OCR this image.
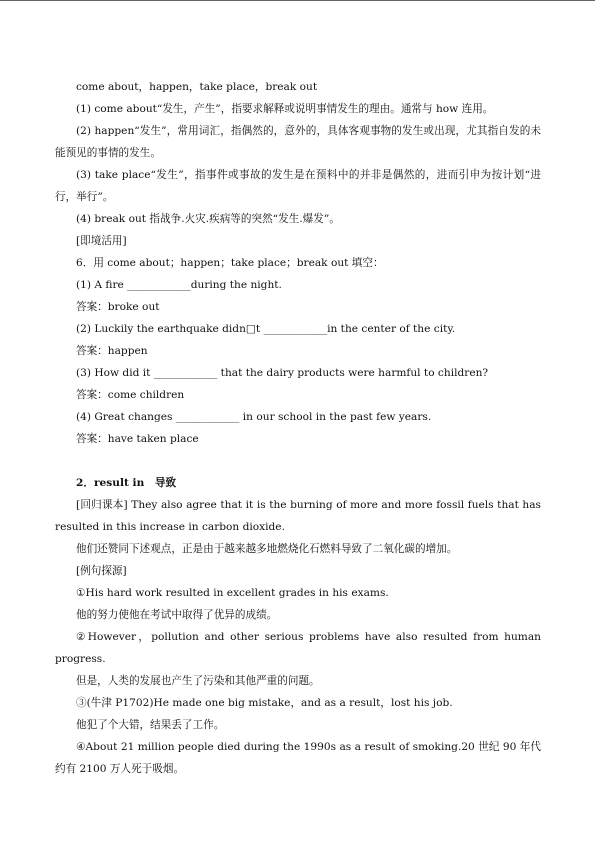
come about，happen，take place，break out

(1) come about“发生，产生”，指要求解释或说明事情发生的理由。通常与 how 连用。

(2) happen“发生”，常用词汇，指偶然的，意外的，具体客观事物的发生或出现，尤其指自发的未能预见的事情的发生。

(3) take place“发生”，指事件或事故的发生是在预料中的并非是偶然的，进而引申为按计划“进行，举行”。

(4) break out 指战争.火灾.疾病等的突然“发生.爆发”。

[即境活用]

6．用 come about；happen；take place；break out 填空：

(1) A fire ____________during the night.

答案：broke out

(2) Luckily the earthquake didn□t ____________in the center of the city.

答案：happen

(3) How did it ____________ that the dairy products were harmful to children?

答案：come children

(4) Great changes ____________ in our school in the past few years.

答案：have taken place

2．result in　导致

[回归课本] They also agree that it is the burning of more and more fossil fuels that has resulted in this increase in carbon dioxide.

他们还赞同下述观点，正是由于越来越多地燃烧化石燃料导致了二氧化碳的增加。

[例句探源]

①His hard work resulted in excellent grades in his exams.

他的努力使他在考试中取得了优异的成绩。

②However，pollution and other serious problems have also resulted from human progress.

但是，人类的发展也产生了污染和其他严重的问题。

③(牛津 P1702)He made one big mistake，and as a result，lost his job.

他犯了个大错，结果丢了工作。

④About 21 million people died during the 1990s as a result of smoking.20 世纪 90 年代约有 2100 万人死于吸烟。
